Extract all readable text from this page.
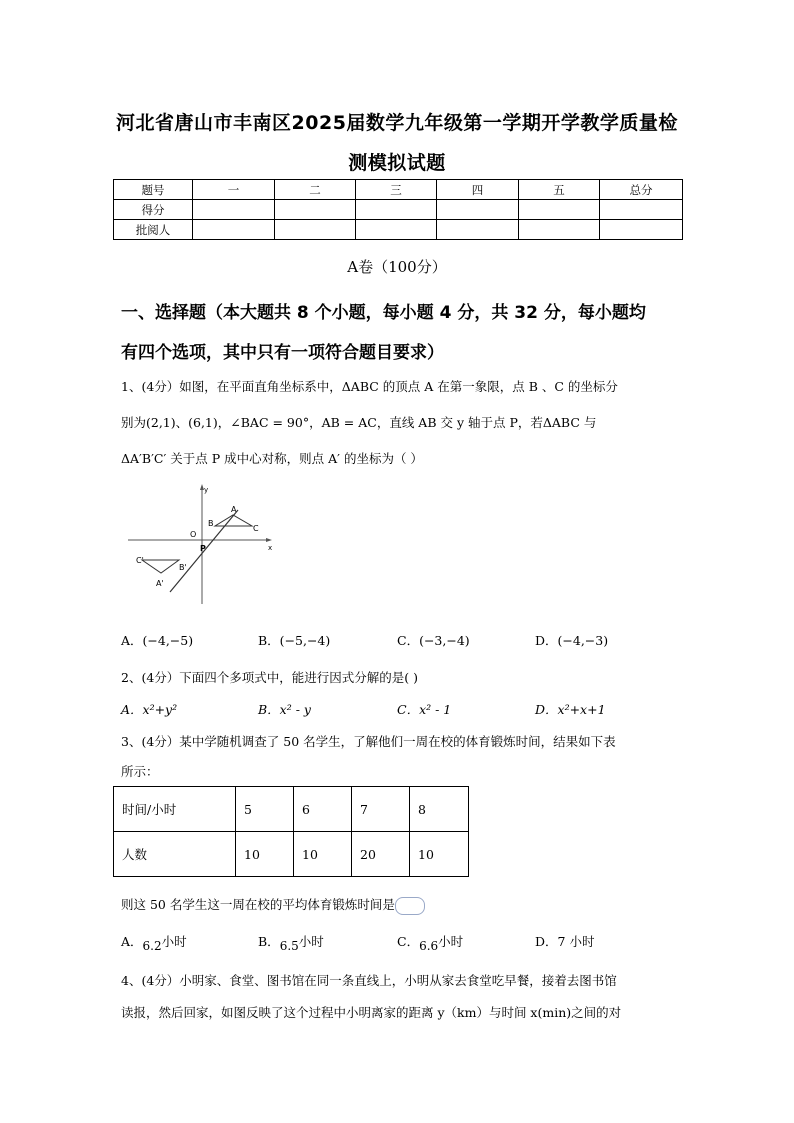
河北省唐山市丰南区2025届数学九年级第一学期开学教学质量检
测模拟试题
题号	一	二	三	四	五	总分
得分						
批阅人						
A卷（100分）
一、选择题（本大题共 8 个小题，每小题 4 分，共 32 分，每小题均
有四个选项，其中只有一项符合题目要求）
1、(4分）如图，在平面直角坐标系中，ΔABC 的顶点 A 在第一象限，点 B 、C 的坐标分
别为(2,1)、(6,1)，∠BAC = 90°，AB = AC，直线 AB 交 y 轴于点 P，若ΔABC 与
ΔA′B′C′ 关于点 P 成中心对称，则点 A′ 的坐标为（ ）
y
x
O
A
B
C
P
A'
B'
C'
A．(−4,−5)	B．(−5,−4)	C．(−3,−4)	D．(−4,−3)
2、(4分）下面四个多项式中，能进行因式分解的是( )
A．x²+y²	B．x² - y	C．x² - 1	D．x²+x+1
3、(4分）某中学随机调查了 50 名学生，了解他们一周在校的体育锻炼时间，结果如下表
所示：
时间/小时	5	6	7	8
人数	10	10	20	10
则这 50 名学生这一周在校的平均体育锻炼时间是
A．6.2小时	B．6.5小时	C．6.6小时	D．7 小时
4、(4分）小明家、食堂、图书馆在同一条直线上，小明从家去食堂吃早餐，接着去图书馆
读报，然后回家，如图反映了这个过程中小明离家的距离 y（km）与时间 x(min)之间的对
